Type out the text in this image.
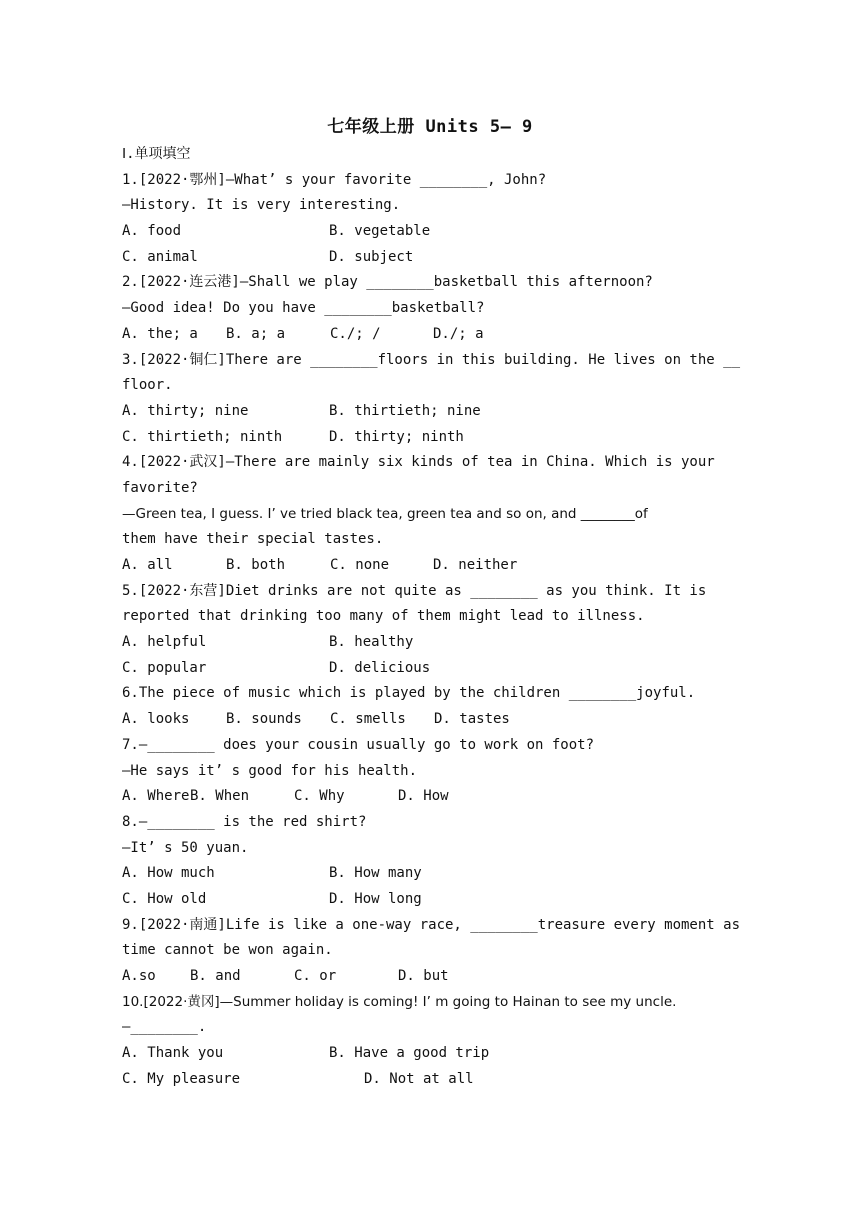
七年级上册 Units 5— 9
Ⅰ.单项填空
1.[2022·鄂州]—What’ s your favorite ________, John?
—History. It is very interesting.
A. food	B. vegetable
C. animal	D. subject
2.[2022·连云港]—Shall we play ________basketball this afternoon?
—Good idea! Do you have ________basketball?
A. the; a B. a; a	C./; /	D./; a
3.[2022·铜仁]There are ________floors in this building. He lives on the __
floor.
A. thirty; nine	B. thirtieth; nine
C. thirtieth; ninth	D. thirty; ninth
4.[2022·武汉]—There are mainly six kinds of tea in China. Which is your
favorite?
—Green tea, I guess. I’ ve tried black tea, green tea and so on, and ________of
them have their special tastes.
A. all	B. both	C. none	D. neither
5.[2022·东营]Diet drinks are not quite as ________ as you think. It is
reported that drinking too many of them might lead to illness.
A. helpful	B. healthy
C. popular	D. delicious
6.The piece of music which is played by the children ________joyful.
A. looks	B. sounds C. smells D. tastes
7.—________ does your cousin usually go to work on foot?
—He says it’ s good for his health.
A. WhereB. When	C. Why	D. How
8.—________ is the red shirt?
—It’ s 50 yuan.
A. How much	B. How many
C. How old	D. How long
9.[2022·南通]Life is like a one-way race, ________treasure every moment as
time cannot be won again.
A.so B. and	C. or	D. but
10.[2022·黄冈]—Summer holiday is coming! I’ m going to Hainan to see my uncle.
—________.
A. Thank you	B. Have a good trip
C. My pleasure	D. Not at all
